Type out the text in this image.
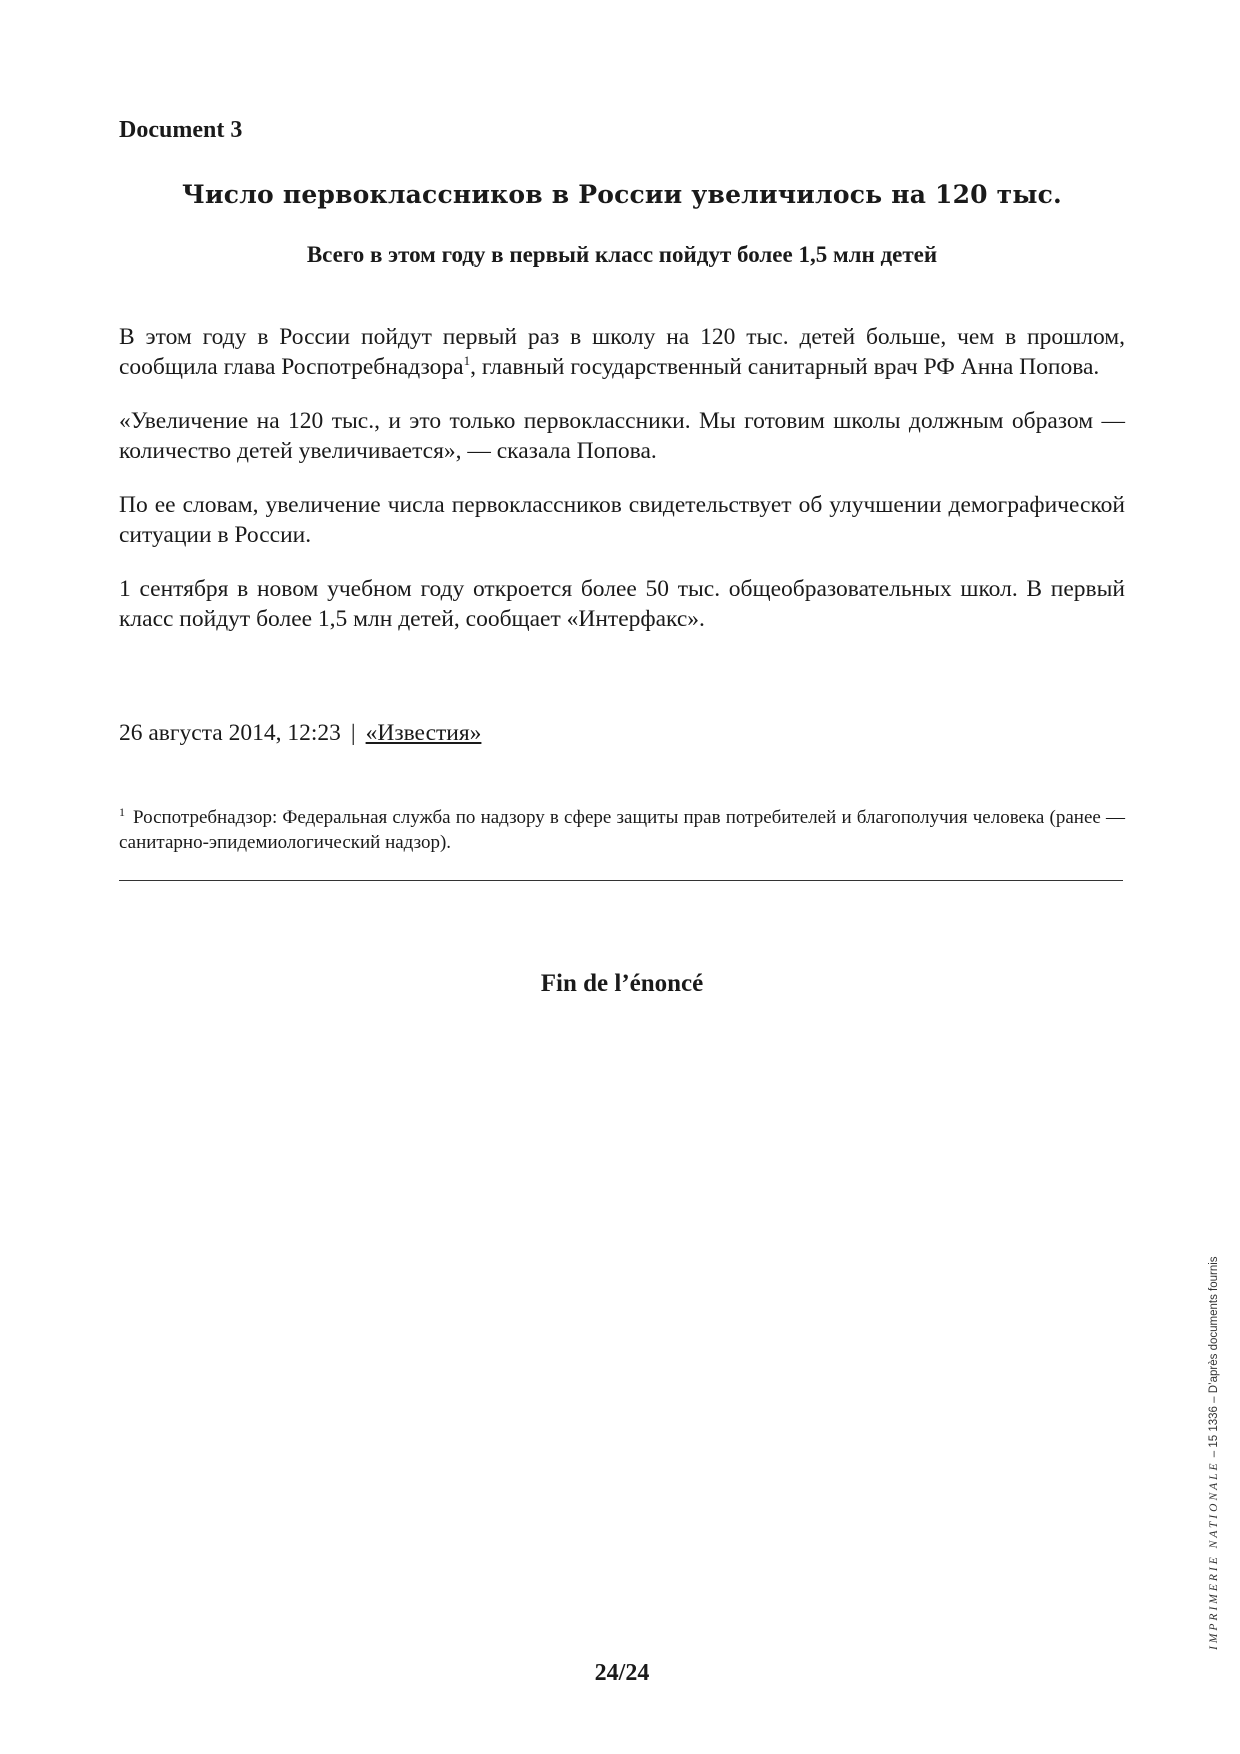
Document 3
Число первоклассников в России увеличилось на 120 тыс.
Всего в этом году в первый класс пойдут более 1,5 млн детей

В этом году в России пойдут первый раз в школу на 120 тыс. детей больше, чем в прошлом, сообщила глава Роспотребнадзора$^1$, главный государственный санитарный врач РФ Анна Попова.

«Увеличение на 120 тыс., и это только первоклассники. Мы готовим школы должным образом — количество детей увеличивается», — сказала Попова.

По ее словам, увеличение числа первоклассников свидетельствует об улучшении демографической ситуации в России.

1 сентября в новом учебном году откроется более 50 тыс. общеобразовательных школ. В первый класс пойдут более 1,5 млн детей, сообщает «Интерфакс».

26 августа 2014, 12:23 | «Известия»
$^1$ Роспотребнадзор: Федеральная служба по надзору в сфере защиты прав потребителей и благополучия человека (ранее — санитарно-эпидемиологический надзор).
Fin de l’énoncé
24/24
IMPRIMERIE NATIONALE – 15 1336 – D’après documents fournis
